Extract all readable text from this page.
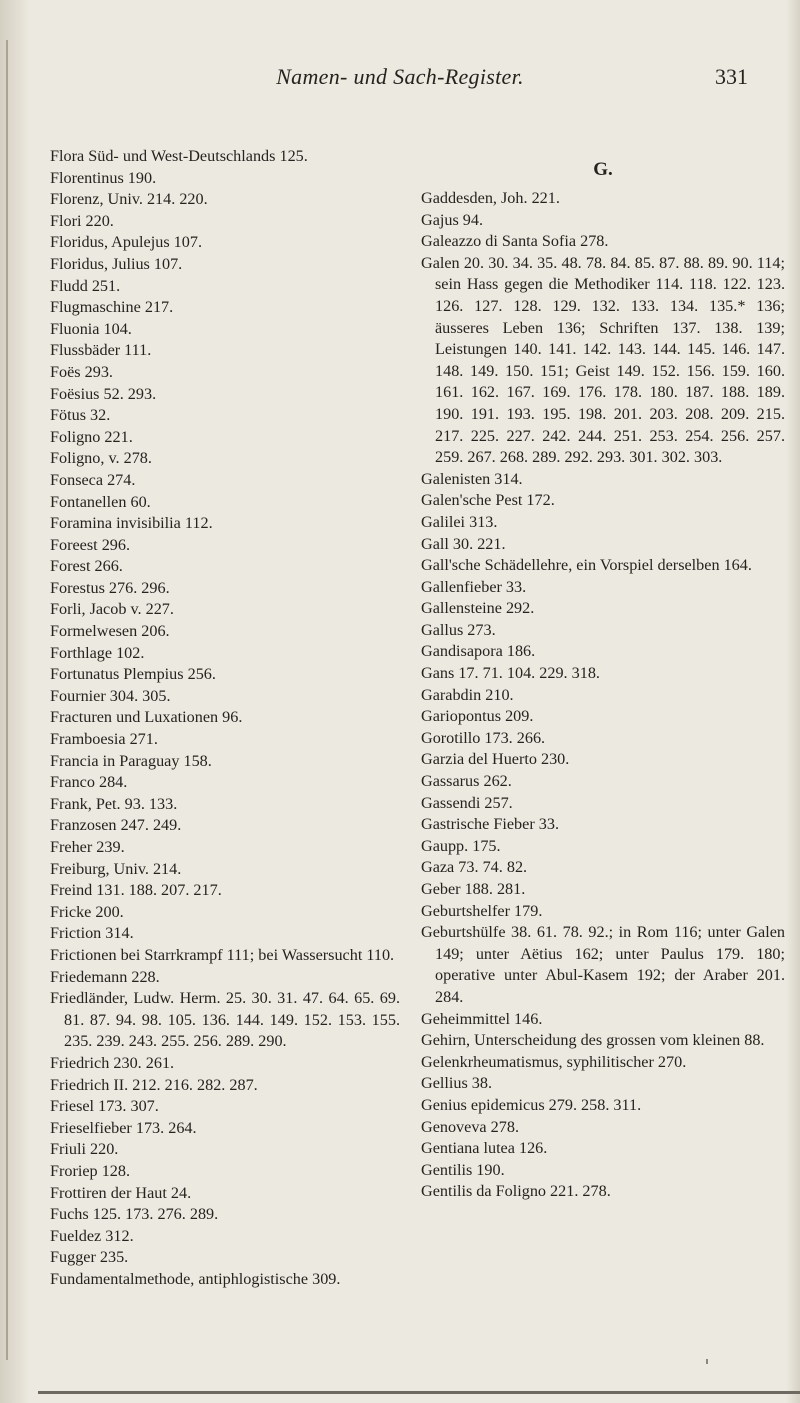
Namen- und Sach-Register.	331

Flora Süd- und West-Deutschlands 125.

Florentinus 190.

Florenz, Univ. 214. 220.

Flori 220.

Floridus, Apulejus 107.

Floridus, Julius 107.

Fludd 251.

Flugmaschine 217.

Fluonia 104.

Flussbäder 111.

Foës 293.

Foësius 52. 293.

Fötus 32.

Foligno 221.

Foligno, v. 278.

Fonseca 274.

Fontanellen 60.

Foramina invisibilia 112.

Foreest 296.

Forest 266.

Forestus 276. 296.

Forli, Jacob v. 227.

Formelwesen 206.

Forthlage 102.

Fortunatus Plempius 256.

Fournier 304. 305.

Fracturen und Luxationen 96.

Framboesia 271.

Francia in Paraguay 158.

Franco 284.

Frank, Pet. 93. 133.

Franzosen 247. 249.

Freher 239.

Freiburg, Univ. 214.

Freind 131. 188. 207. 217.

Fricke 200.

Friction 314.

Frictionen bei Starrkrampf 111; bei Wassersucht 110.

Friedemann 228.

Friedländer, Ludw. Herm. 25. 30. 31. 47. 64. 65. 69. 81. 87. 94. 98. 105. 136. 144. 149. 152. 153. 155. 235. 239. 243. 255. 256. 289. 290.

Friedrich 230. 261.

Friedrich II. 212. 216. 282. 287.

Friesel 173. 307.

Frieselfieber 173. 264.

Friuli 220.

Froriep 128.

Frottiren der Haut 24.

Fuchs 125. 173. 276. 289.

Fueldez 312.

Fugger 235.

Fundamentalmethode, antiphlogistische 309.

G.

Gaddesden, Joh. 221.

Gajus 94.

Galeazzo di Santa Sofia 278.

Galen 20. 30. 34. 35. 48. 78. 84. 85. 87. 88. 89. 90. 114; sein Hass gegen die Methodiker 114. 118. 122. 123. 126. 127. 128. 129. 132. 133. 134. 135.* 136; äusseres Leben 136; Schriften 137. 138. 139; Leistungen 140. 141. 142. 143. 144. 145. 146. 147. 148. 149. 150. 151; Geist 149. 152. 156. 159. 160. 161. 162. 167. 169. 176. 178. 180. 187. 188. 189. 190. 191. 193. 195. 198. 201. 203. 208. 209. 215. 217. 225. 227. 242. 244. 251. 253. 254. 256. 257. 259. 267. 268. 289. 292. 293. 301. 302. 303.

Galenisten 314.

Galen'sche Pest 172.

Galilei 313.

Gall 30. 221.

Gall'sche Schädellehre, ein Vorspiel derselben 164.

Gallenfieber 33.

Gallensteine 292.

Gallus 273.

Gandisapora 186.

Gans 17. 71. 104. 229. 318.

Garabdin 210.

Gariopontus 209.

Gorotillo 173. 266.

Garzia del Huerto 230.

Gassarus 262.

Gassendi 257.

Gastrische Fieber 33.

Gaupp. 175.

Gaza 73. 74. 82.

Geber 188. 281.

Geburtshelfer 179.

Geburtshülfe 38. 61. 78. 92.; in Rom 116; unter Galen 149; unter Aëtius 162; unter Paulus 179. 180; operative unter Abul-Kasem 192; der Araber 201. 284.

Geheimmittel 146.

Gehirn, Unterscheidung des grossen vom kleinen 88.

Gelenkrheumatismus, syphilitischer 270.

Gellius 38.

Genius epidemicus 279. 258. 311.

Genoveva 278.

Gentiana lutea 126.

Gentilis 190.

Gentilis da Foligno 221. 278.
